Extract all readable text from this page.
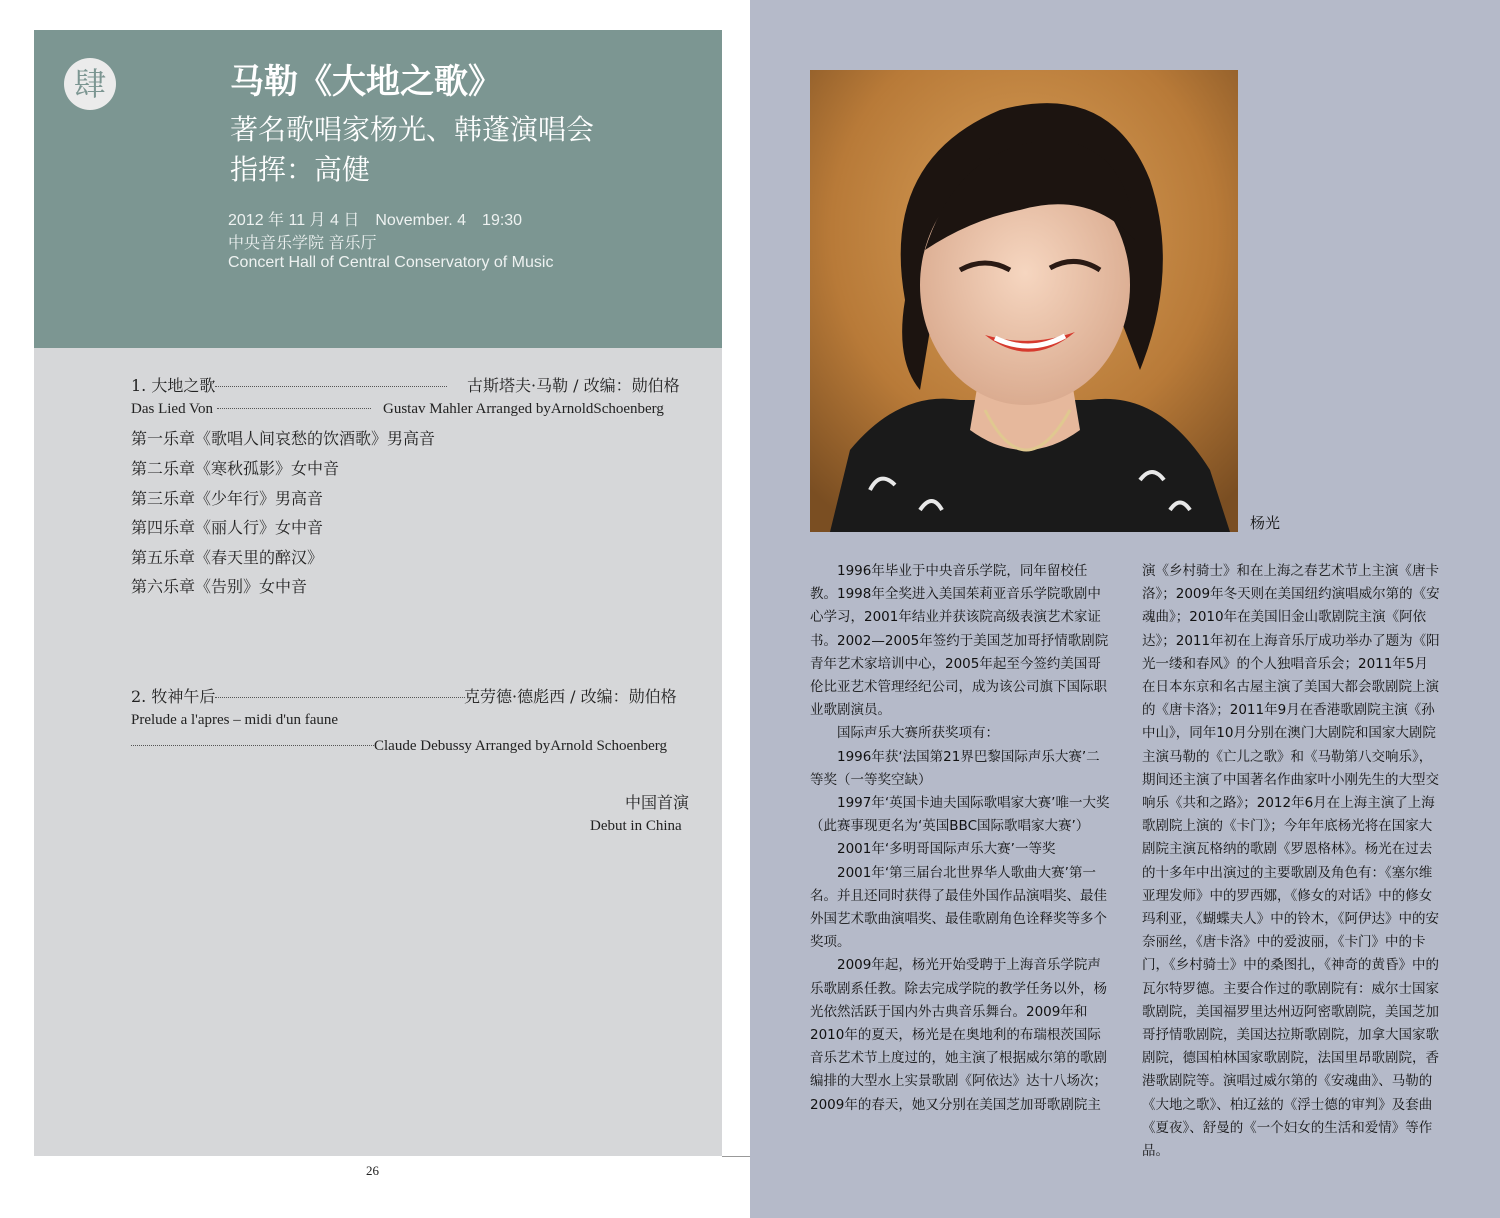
肆	马勒《大地之歌》
著名歌唱家杨光、韩蓬演唱会
指挥：高健
2012 年 11 月 4 日　November. 4　19:30
中央音乐学院 音乐厅
Concert Hall of Central Conservatory of Music
1. 大地之歌	古斯塔夫·马勒 / 改编：勋伯格
Das Lied Von	Gustav Mahler Arranged byArnoldSchoenberg
第一乐章《歌唱人间哀愁的饮酒歌》男高音
第二乐章《寒秋孤影》女中音
第三乐章《少年行》男高音
第四乐章《丽人行》女中音
第五乐章《春天里的醉汉》
第六乐章《告别》女中音
2. 牧神午后	克劳德·德彪西 / 改编：勋伯格
Prelude a l'apres – midi d'un faune
Claude Debussy Arranged byArnold Schoenberg
中国首演
Debut in China
26
杨光

1996年毕业于中央音乐学院，同年留校任教。1998年全奖进入美国茱莉亚音乐学院歌剧中心学习，2001年结业并获该院高级表演艺术家证书。2002—2005年签约于美国芝加哥抒情歌剧院青年艺术家培训中心，2005年起至今签约美国哥伦比亚艺术管理经纪公司，成为该公司旗下国际职业歌剧演员。

国际声乐大赛所获奖项有：

1996年获‘法国第21界巴黎国际声乐大赛’二等奖（一等奖空缺）

1997年‘英国卡迪夫国际歌唱家大赛’唯一大奖（此赛事现更名为‘英国BBC国际歌唱家大赛’）

2001年‘多明哥国际声乐大赛’一等奖

2001年‘第三届台北世界华人歌曲大赛’第一名。并且还同时获得了最佳外国作品演唱奖、最佳外国艺术歌曲演唱奖、最佳歌剧角色诠释奖等多个奖项。

2009年起，杨光开始受聘于上海音乐学院声乐歌剧系任教。除去完成学院的教学任务以外，杨光依然活跃于国内外古典音乐舞台。2009年和2010年的夏天，杨光是在奥地利的布瑞根茨国际音乐艺术节上度过的，她主演了根据威尔第的歌剧编排的大型水上实景歌剧《阿依达》达十八场次；2009年的春天，她又分别在美国芝加哥歌剧院主

演《乡村骑士》和在上海之春艺术节上主演《唐卡洛》；2009年冬天则在美国纽约演唱威尔第的《安魂曲》；2010年在美国旧金山歌剧院主演《阿依达》；2011年初在上海音乐厅成功举办了题为《阳光一缕和春风》的个人独唱音乐会；2011年5月在日本东京和名古屋主演了美国大都会歌剧院上演的《唐卡洛》；2011年9月在香港歌剧院主演《孙中山》，同年10月分别在澳门大剧院和国家大剧院主演马勒的《亡儿之歌》和《马勒第八交响乐》，期间还主演了中国著名作曲家叶小刚先生的大型交响乐《共和之路》；2012年6月在上海主演了上海歌剧院上演的《卡门》；今年年底杨光将在国家大剧院主演瓦格纳的歌剧《罗恩格林》。杨光在过去的十多年中出演过的主要歌剧及角色有：《塞尔维亚理发师》中的罗西娜，《修女的对话》中的修女玛利亚，《蝴蝶夫人》中的铃木，《阿伊达》中的安奈丽丝，《唐卡洛》中的爱波丽，《卡门》中的卡门，《乡村骑士》中的桑图扎，《神奇的黄昏》中的瓦尔特罗德。主要合作过的歌剧院有：威尔士国家歌剧院，美国福罗里达州迈阿密歌剧院，美国芝加哥抒情歌剧院，美国达拉斯歌剧院，加拿大国家歌剧院，德国柏林国家歌剧院，法国里昂歌剧院，香港歌剧院等。演唱过威尔第的《安魂曲》、马勒的《大地之歌》、柏辽兹的《浮士德的审判》及套曲《夏夜》、舒曼的《一个妇女的生活和爱情》等作品。
